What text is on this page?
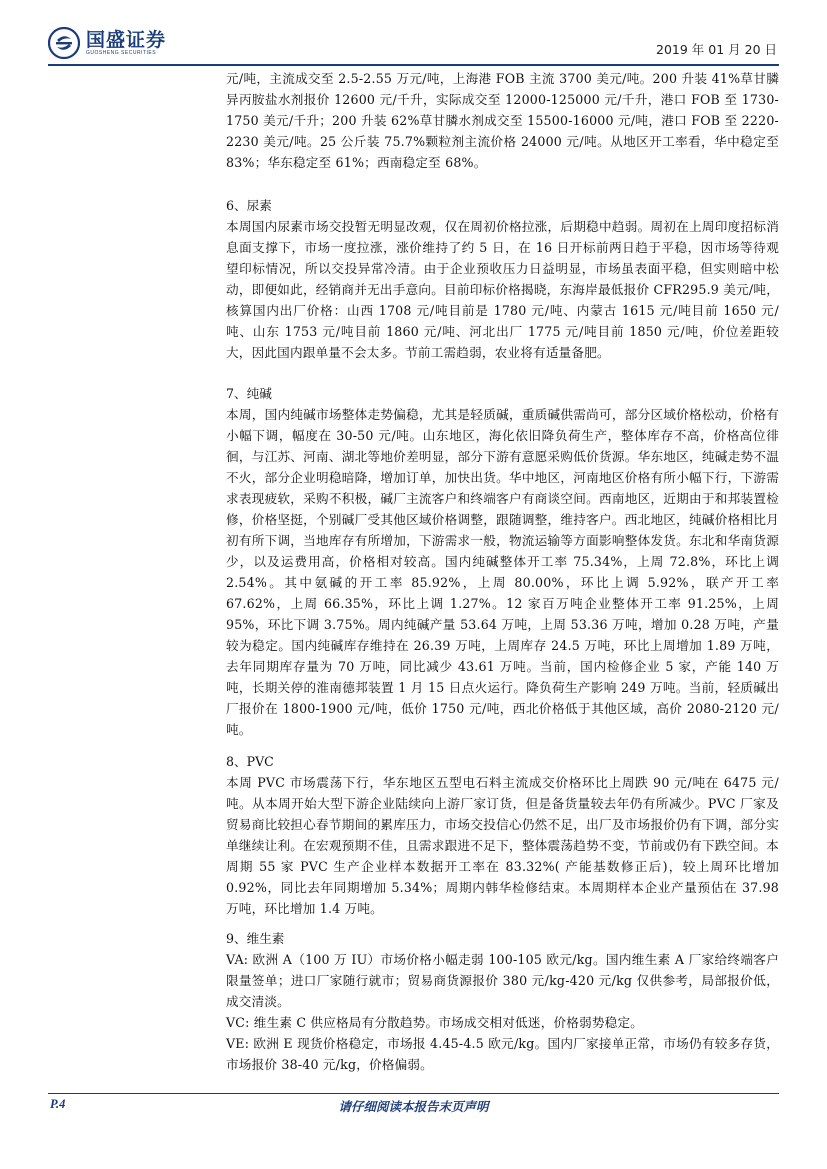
国盛证券
GUOSHENG SECURITIES	2019 年 01 月 20 日

元/吨，主流成交至 2.5-2.55 万元/吨，上海港 FOB 主流 3700 美元/吨。200 升装 41%草甘膦异丙胺盐水剂报价 12600 元/千升，实际成交至 12000-125000 元/千升，港口 FOB 至 1730-1750 美元/千升；200 升装 62%草甘膦水剂成交至 15500-16000 元/吨，港口 FOB 至 2220-2230 美元/吨。25 公斤装 75.7%颗粒剂主流价格 24000 元/吨。从地区开工率看，华中稳定至 83%；华东稳定至 61%；西南稳定至 68%。

6、尿素

本周国内尿素市场交投暂无明显改观，仅在周初价格拉涨，后期稳中趋弱。周初在上周印度招标消息面支撑下，市场一度拉涨，涨价维持了约 5 日，在 16 日开标前两日趋于平稳，因市场等待观望印标情况，所以交投异常冷清。由于企业预收压力日益明显，市场虽表面平稳，但实则暗中松动，即便如此，经销商并无出手意向。目前印标价格揭晓，东海岸最低报价 CFR295.9 美元/吨，核算国内出厂价格：山西 1708 元/吨目前是 1780 元/吨、内蒙古 1615 元/吨目前 1650 元/吨、山东 1753 元/吨目前 1860 元/吨、河北出厂 1775 元/吨目前 1850 元/吨，价位差距较大，因此国内跟单量不会太多。节前工需趋弱，农业将有适量备肥。

7、纯碱

本周，国内纯碱市场整体走势偏稳，尤其是轻质碱，重质碱供需尚可，部分区域价格松动，价格有小幅下调，幅度在 30-50 元/吨。山东地区，海化依旧降负荷生产，整体库存不高，价格高位徘徊，与江苏、河南、湖北等地价差明显，部分下游有意愿采购低价货源。华东地区，纯碱走势不温不火，部分企业明稳暗降，增加订单，加快出货。华中地区，河南地区价格有所小幅下行，下游需求表现疲软，采购不积极，碱厂主流客户和终端客户有商谈空间。西南地区，近期由于和邦装置检修，价格坚挺，个别碱厂受其他区域价格调整，跟随调整，维持客户。西北地区，纯碱价格相比月初有所下调，当地库存有所增加，下游需求一般，物流运输等方面影响整体发货。东北和华南货源少，以及运费用高，价格相对较高。国内纯碱整体开工率 75.34%，上周 72.8%，环比上调 2.54%。其中氨碱的开工率 85.92%，上周 80.00%，环比上调 5.92%，联产开工率 67.62%，上周 66.35%，环比上调 1.27%。12 家百万吨企业整体开工率 91.25%，上周 95%，环比下调 3.75%。周内纯碱产量 53.64 万吨，上周 53.36 万吨，增加 0.28 万吨，产量较为稳定。国内纯碱库存维持在 26.39 万吨，上周库存 24.5 万吨，环比上周增加 1.89 万吨，去年同期库存量为 70 万吨，同比减少 43.61 万吨。当前，国内检修企业 5 家，产能 140 万吨，长期关停的淮南德邦装置 1 月 15 日点火运行。降负荷生产影响 249 万吨。当前，轻质碱出厂报价在 1800-1900 元/吨，低价 1750 元/吨，西北价格低于其他区域，高价 2080-2120 元/吨。

8、PVC

本周 PVC 市场震荡下行，华东地区五型电石料主流成交价格环比上周跌 90 元/吨在 6475 元/吨。从本周开始大型下游企业陆续向上游厂家订货，但是备货量较去年仍有所减少。PVC 厂家及贸易商比较担心春节期间的累库压力，市场交投信心仍然不足，出厂及市场报价仍有下调，部分实单继续让利。在宏观预期不佳，且需求跟进不足下，整体震荡趋势不变，节前或仍有下跌空间。本周期 55 家 PVC 生产企业样本数据开工率在 83.32%( 产能基数修正后)，较上周环比增加 0.92%，同比去年同期增加 5.34%；周期内韩华检修结束。本周期样本企业产量预估在 37.98 万吨，环比增加 1.4 万吨。

9、维生素

VA: 欧洲 A（100 万 IU）市场价格小幅走弱 100-105 欧元/kg。国内维生素 A 厂家给终端客户限量签单；进口厂家随行就市；贸易商货源报价 380 元/kg-420 元/kg 仅供参考，局部报价低，成交清淡。

VC: 维生素 C 供应格局有分散趋势。市场成交相对低迷，价格弱势稳定。

VE: 欧洲 E 现货价格稳定，市场报 4.45-4.5 欧元/kg。国内厂家接单正常，市场仍有较多存货，市场报价 38-40 元/kg，价格偏弱。

P.4	请仔细阅读本报告末页声明
